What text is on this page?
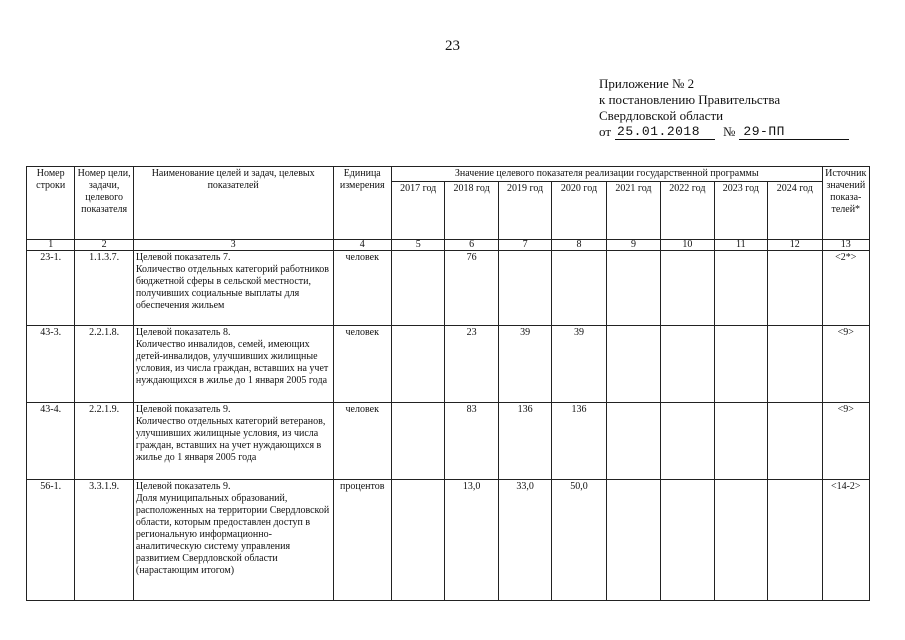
23
Приложение № 2
к постановлению Правительства
Свердловской области
от 25.01.2018	№ 29-ПП
Номер строки	Номер цели, задачи, целевого показателя	Наименование целей и задач, целевых показателей	Единица измерения	Значение целевого показателя реализации государственной программы								Источник значений показа-телей*
				2017 год	2018 год	2019 год	2020 год	2021 год	2022 год	2023 год	2024 год	
1	2	3	4	5	6	7	8	9	10	11	12	13
23-1.	1.1.3.7.	Целевой показатель 7.
Количество отдельных категорий работников бюджетной сферы в сельской местности, получивших социальные выплаты для обеспечения жильем	человек		76							<2*>
43-3.	2.2.1.8.	Целевой показатель 8.
Количество инвалидов, семей, имеющих детей-инвалидов, улучшивших жилищные условия, из числа граждан, вставших на учет нуждающихся в жилье до 1 января 2005 года	человек		23	39	39					<9>
43-4.	2.2.1.9.	Целевой показатель 9.
Количество отдельных категорий ветеранов, улучшивших жилищные условия, из числа граждан, вставших на учет нуждающихся в жилье до 1 января 2005 года	человек		83	136	136					<9>
56-1.	3.3.1.9.	Целевой показатель 9.
Доля муниципальных образований, расположенных на территории Свердловской области, которым предоставлен доступ в региональную информационно-аналитическую систему управления развитием Свердловской области (нарастающим итогом)	процентов		13,0	33,0	50,0					<14-2>
